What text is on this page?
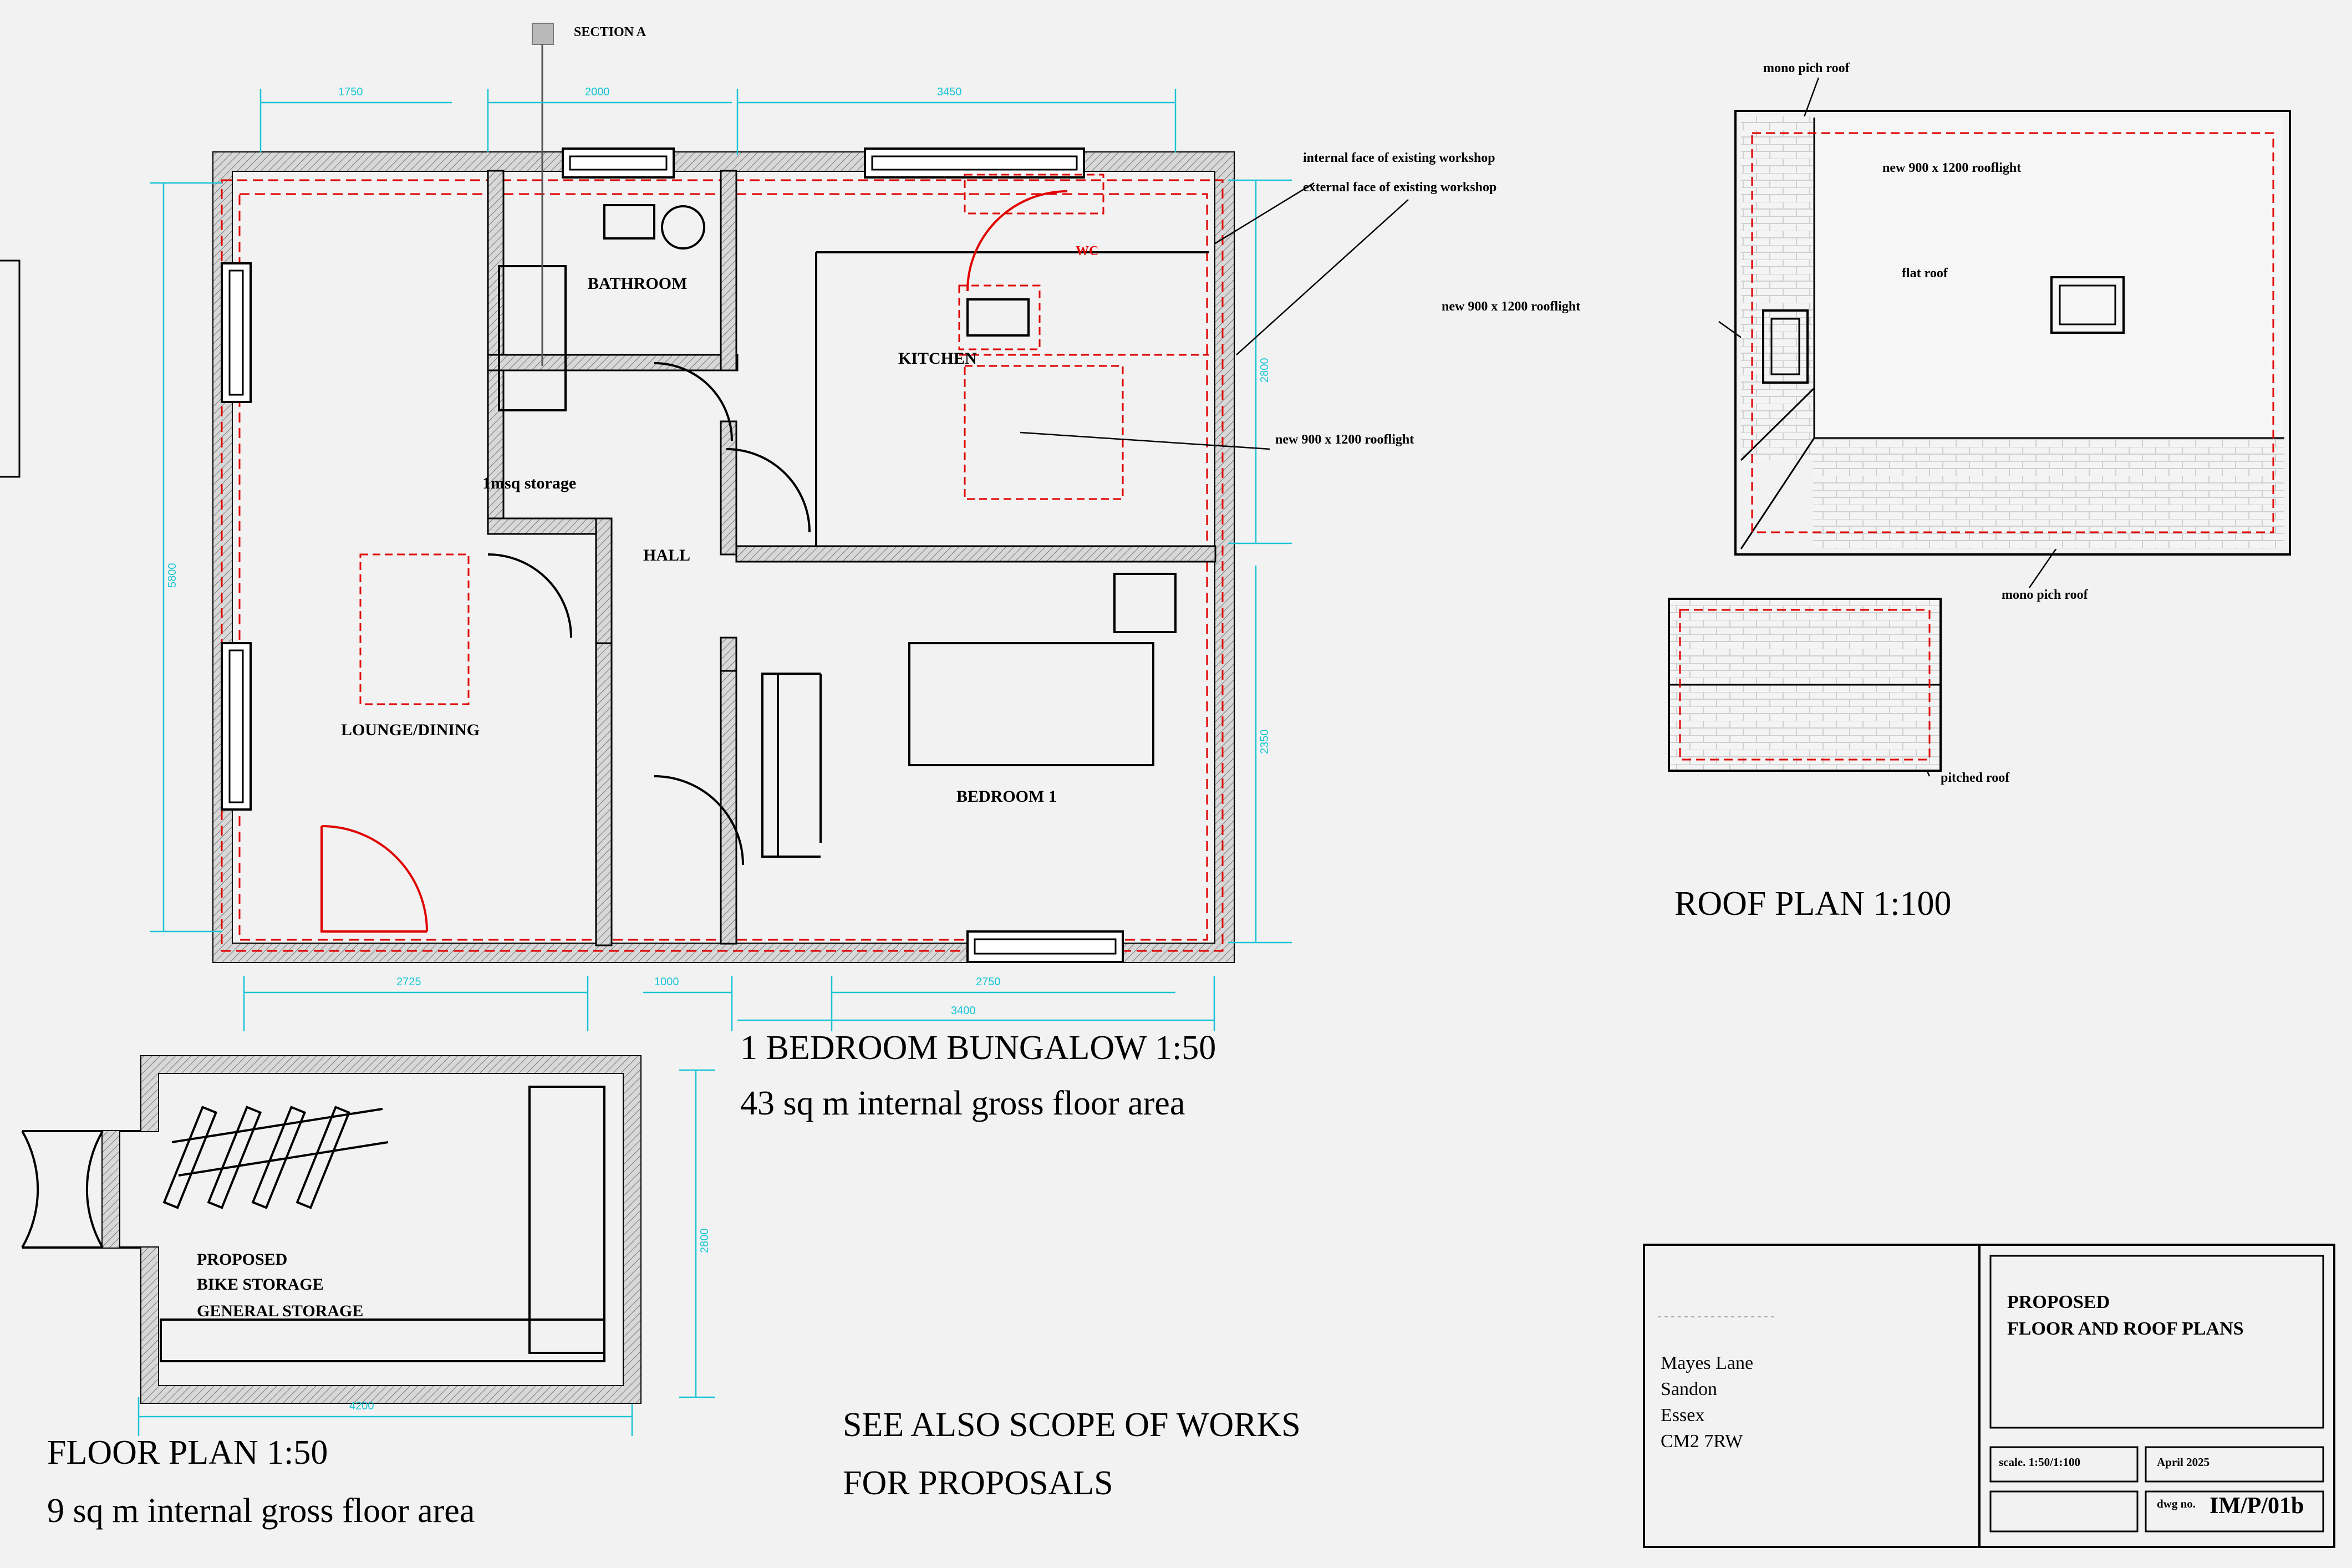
SECTION A
BATHROOM
KITCHEN
WC
HALL
1msq storage
LOUNGE/DINING
BEDROOM 1
internal face of existing workshop
external face of existing workshop
new 900 x 1200 rooflight
new 900 x 1200 rooflight
new 900 x 1200 rooflight
mono pich roof
mono pich roof
flat roof
pitched roof
1750	2000	3450
2725	1000	2750
3400
5800
2800
2350
2800
4200
PROPOSED
BIKE STORAGE
GENERAL STORAGE
1 BEDROOM BUNGALOW 1:50
43 sq m internal gross floor area
ROOF PLAN 1:100
FLOOR PLAN 1:50
9 sq m internal gross floor area
SEE ALSO SCOPE OF WORKS
FOR PROPOSALS
Mayes Lane
Sandon
Essex
CM2 7RW
PROPOSED
FLOOR AND ROOF PLANS
scale. 1:50/1:100	April 2025
dwg no. IM/P/01b
